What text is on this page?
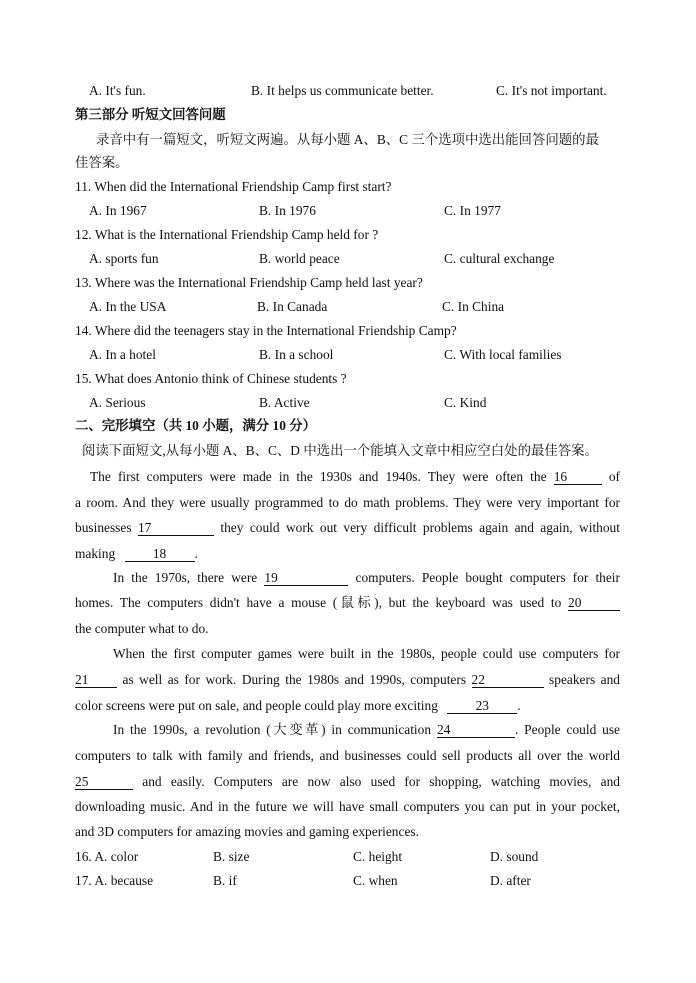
A. It's fun.	B. It helps us communicate better.	C. It's not important.
第三部分 听短文回答问题
录音中有一篇短文，听短文两遍。从每小题 A、B、C 三个选项中选出能回答问题的最
佳答案。
11. When did the International Friendship Camp first start?
A. In 1967	B. In 1976	C. In 1977
12. What is the International Friendship Camp held for ?
A. sports fun	B. world peace	C. cultural exchange
13. Where was the International Friendship Camp held last year?
A. In the USA	B. In Canada	C. In China
14. Where did the teenagers stay in the International Friendship Camp?
A. In a hotel	B. In a school	C. With local families
15. What does Antonio think of Chinese students ?
A. Serious	B. Active	C. Kind
二、完形填空（共 10 小题，满分 10 分）
阅读下面短文,从每小题 A、B、C、D 中选出一个能填入文章中相应空白处的最佳答案。
The first computers were made in the 1930s and 1940s. They were often the 16	of
a room. And they were usually programmed to do math problems. They were very important for
businesses 17	they could work out very difficult problems again and again, without
making	18 .
In the 1970s, there were 19	computers. People bought computers for their
homes. The computers didn't have a mouse (鼠标), but the keyboard was used to 20
the computer what to do.
When the first computer games were built in the 1980s, people could use computers for
21	as well as for work. During the 1980s and 1990s, computers 22	speakers and
color screens were put on sale, and people could play more exciting	23 .
In the 1990s, a revolution (大变革) in communication 24	. People could use
computers to talk with family and friends, and businesses could sell products all over the world
25	and easily. Computers are now also used for shopping, watching movies, and
downloading music. And in the future we will have small computers you can put in your pocket,
and 3D computers for amazing movies and gaming experiences.
16. A. color	B. size	C. height	D. sound
17. A. because	B. if	C. when	D. after
